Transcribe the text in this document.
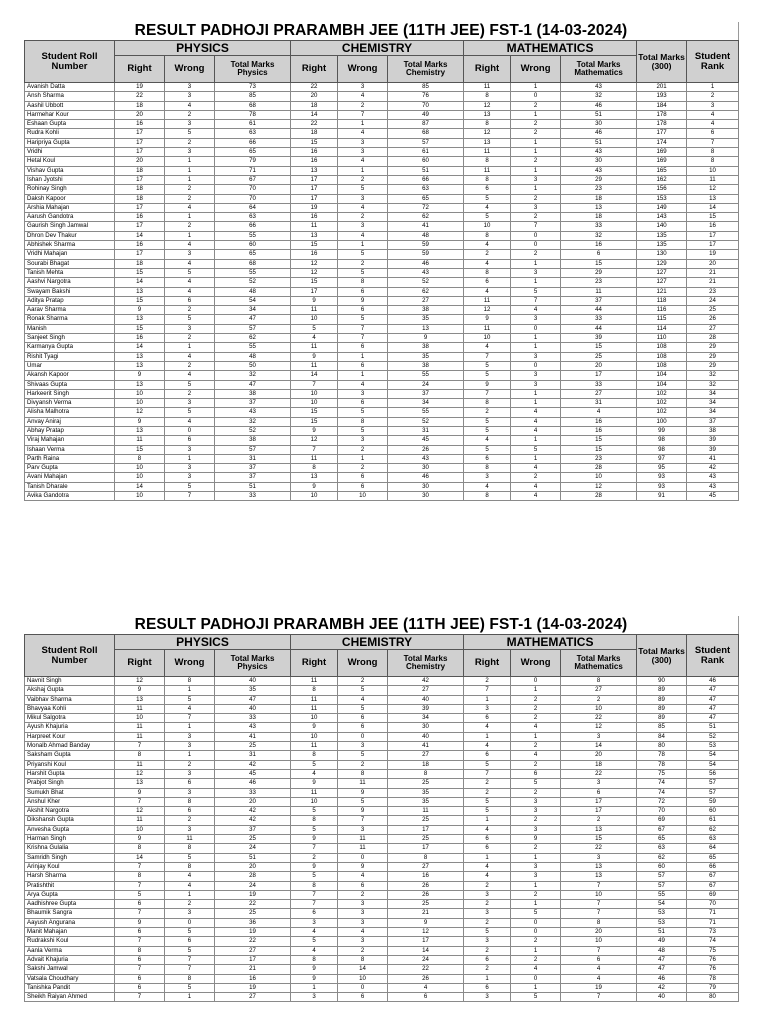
RESULT PADHOJI PRARAMBH JEE (11TH JEE) FST-1 (14-03-2024)
Student Roll Number	PHYSICS			CHEMISTRY			MATHEMATICS			Total Marks (300)	Student Rank
	Right	Wrong	Total Marks Physics	Right	Wrong	Total Marks Chemistry	Right	Wrong	Total Marks Mathematics		
Avanish Datta	19	3	73	22	3	85	11	1	43	201	1
Ansh Sharma	22	3	85	20	4	76	8	0	32	193	2
Aashil Ubbott	18	4	68	18	2	70	12	2	46	184	3
Harmehar Kour	20	2	78	14	7	49	13	1	51	178	4
Eshaan Gupta	16	3	61	22	1	87	8	2	30	178	4
Rudra Kohli	17	5	63	18	4	68	12	2	46	177	6
Haripriya Gupta	17	2	66	15	3	57	13	1	51	174	7
Vridhi	17	3	65	16	3	61	11	1	43	169	8
Hetal Koul	20	1	79	16	4	60	8	2	30	169	8
Vishav Gupta	18	1	71	13	1	51	11	1	43	165	10
Ishan Jyotshi	17	1	67	17	2	66	8	3	29	162	11
Rohinay Singh	18	2	70	17	5	63	6	1	23	156	12
Daksh Kapoor	18	2	70	17	3	65	5	2	18	153	13
Arshia Mahajan	17	4	64	19	4	72	4	3	13	149	14
Aarush Gandotra	16	1	63	16	2	62	5	2	18	143	15
Gaurish Singh Jamwal	17	2	66	11	3	41	10	7	33	140	16
Dhron Dev Thakur	14	1	55	13	4	48	8	0	32	135	17
Abhishek Sharma	16	4	60	15	1	59	4	0	16	135	17
Vridhi Mahajan	17	3	65	16	5	59	2	2	6	130	19
Sourabi Bhagat	18	4	68	12	2	46	4	1	15	129	20
Tanish Mehta	15	5	55	12	5	43	8	3	29	127	21
Aashvi Nargotra	14	4	52	15	8	52	6	1	23	127	21
Swayam Bakshi	13	4	48	17	6	62	4	5	11	121	23
Aditya Pratap	15	6	54	9	9	27	11	7	37	118	24
Aarav Sharma	9	2	34	11	6	38	12	4	44	116	25
Ronak Sharma	13	5	47	10	5	35	9	3	33	115	26
Manish	15	3	57	5	7	13	11	0	44	114	27
Sanjeet Singh	16	2	62	4	7	9	10	1	39	110	28
Karmanya Gupta	14	1	55	11	6	38	4	1	15	108	29
Rishit Tyagi	13	4	48	9	1	35	7	3	25	108	29
Umar	13	2	50	11	6	38	5	0	20	108	29
Akansh Kapoor	9	4	32	14	1	55	5	3	17	104	32
Shivaas Gupta	13	5	47	7	4	24	9	3	33	104	32
Harkeerit Singh	10	2	38	10	3	37	7	1	27	102	34
Divyansh Verma	10	3	37	10	6	34	8	1	31	102	34
Alisha Malhotra	12	5	43	15	5	55	2	4	4	102	34
Anvay Aniraj	9	4	32	15	8	52	5	4	16	100	37
Abhay Pratap	13	0	52	9	5	31	5	4	16	99	38
Viraj Mahajan	11	6	38	12	3	45	4	1	15	98	39
Ishaan Verma	15	3	57	7	2	26	5	5	15	98	39
Parth Raina	8	1	31	11	1	43	6	1	23	97	41
Parv Gupta	10	3	37	8	2	30	8	4	28	95	42
Avani Mahajan	10	3	37	13	6	46	3	2	10	93	43
Tanish Dharale	14	5	51	9	6	30	4	4	12	93	43
Avika Gandotra	10	7	33	10	10	30	8	4	28	91	45
RESULT PADHOJI PRARAMBH JEE (11TH JEE) FST-1 (14-03-2024)
Student Roll Number	PHYSICS			CHEMISTRY			MATHEMATICS			Total Marks (300)	Student Rank
	Right	Wrong	Total Marks Physics	Right	Wrong	Total Marks Chemistry	Right	Wrong	Total Marks Mathematics		
Navnit Singh	12	8	40	11	2	42	2	0	8	90	46
Akshaj Gupta	9	1	35	8	5	27	7	1	27	89	47
Vaibhav Sharma	13	5	47	11	4	40	1	2	2	89	47
Bhavyaa Kohli	11	4	40	11	5	39	3	2	10	89	47
Mikul Salgotra	10	7	33	10	6	34	6	2	22	89	47
Ayush Khajuria	11	1	43	9	6	30	4	4	12	85	51
Harpreet Kour	11	3	41	10	0	40	1	1	3	84	52
Monalb Ahmad Banday	7	3	25	11	3	41	4	2	14	80	53
Saksham Gupta	8	1	31	8	5	27	6	4	20	78	54
Priyanshi Koul	11	2	42	5	2	18	5	2	18	78	54
Harshit Gupta	12	3	45	4	8	8	7	6	22	75	56
Prabjot Singh	13	6	46	9	11	25	2	5	3	74	57
Sumukh Bhat	9	3	33	11	9	35	2	2	6	74	57
Anshul Kher	7	8	20	10	5	35	5	3	17	72	59
Akshit Nargotra	12	6	42	5	9	11	5	3	17	70	60
Dikshansh Gupta	11	2	42	8	7	25	1	2	2	69	61
Anvesha Gupta	10	3	37	5	3	17	4	3	13	67	62
Harman Singh	9	11	25	9	11	25	6	9	15	65	63
Krishna Gulalia	8	8	24	7	11	17	6	2	22	63	64
Samridh Singh	14	5	51	2	0	8	1	1	3	62	65
Arinjay Koul	7	8	20	9	9	27	4	3	13	60	66
Harsh Sharma	8	4	28	5	4	16	4	3	13	57	67
Pratishthit	7	4	24	8	6	26	2	1	7	57	67
Arya Gupta	5	1	19	7	2	26	3	2	10	55	69
Aadhishree Gupta	6	2	22	7	3	25	2	1	7	54	70
Bhaumik Sangra	7	3	25	6	3	21	3	5	7	53	71
Aayush Angurana	9	0	36	3	3	9	2	0	8	53	71
Manit Mahajan	6	5	19	4	4	12	5	0	20	51	73
Rudrakshi Koul	7	6	22	5	3	17	3	2	10	49	74
Aanla Verma	8	5	27	4	2	14	2	1	7	48	75
Advait Khajuria	6	7	17	8	8	24	6	2	6	47	76
Sakshi Jamwal	7	7	21	9	14	22	2	4	4	47	76
Vatsala Choudhary	6	8	16	9	10	26	1	0	4	46	78
Tanishka Pandit	6	5	19	1	0	4	6	1	19	42	79
Sheikh Raiyan Ahmed	7	1	27	3	6	6	3	5	7	40	80
